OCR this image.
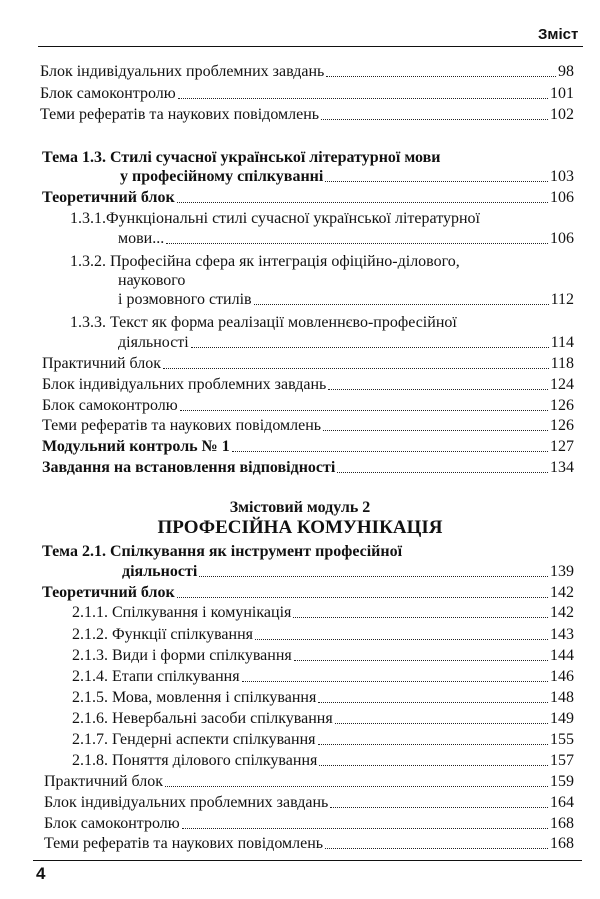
Зміст
Блок індивідуальних проблемних завдань	98
Блок самоконтролю	101
Теми рефератів та наукових повідомлень	102
Тема 1.3. Стилі сучасної української літературної мови
у професійному спілкуванні	103
Теоретичний блок	106
1.3.1.Функціональні стилі сучасної української літературної
мови...	106
1.3.2. Професійна сфера як інтеграція офіційно-ділового,
наукового
і розмовного стилів	112
1.3.3. Текст як форма реалізації мовленнєво-професійної
діяльності	114
Практичний блок	118
Блок індивідуальних проблемних завдань	124
Блок самоконтролю	126
Теми рефератів та наукових повідомлень	126
Модульний контроль № 1	127
Завдання на встановлення відповідності	134
Змістовий модуль 2
ПРОФЕСІЙНА КОМУНІКАЦІЯ
Тема 2.1. Спілкування як інструмент професійної
діяльності	139
Теоретичний блок	142
2.1.1. Спілкування і комунікація	142
2.1.2. Функції спілкування	143
2.1.3. Види і форми спілкування	144
2.1.4. Етапи спілкування	146
2.1.5. Мова, мовлення і спілкування	148
2.1.6. Невербальні засоби спілкування	149
2.1.7. Гендерні аспекти спілкування	155
2.1.8. Поняття ділового спілкування	157
Практичний блок	159
Блок індивідуальних проблемних завдань	164
Блок самоконтролю	168
Теми рефератів та наукових повідомлень	168
4
